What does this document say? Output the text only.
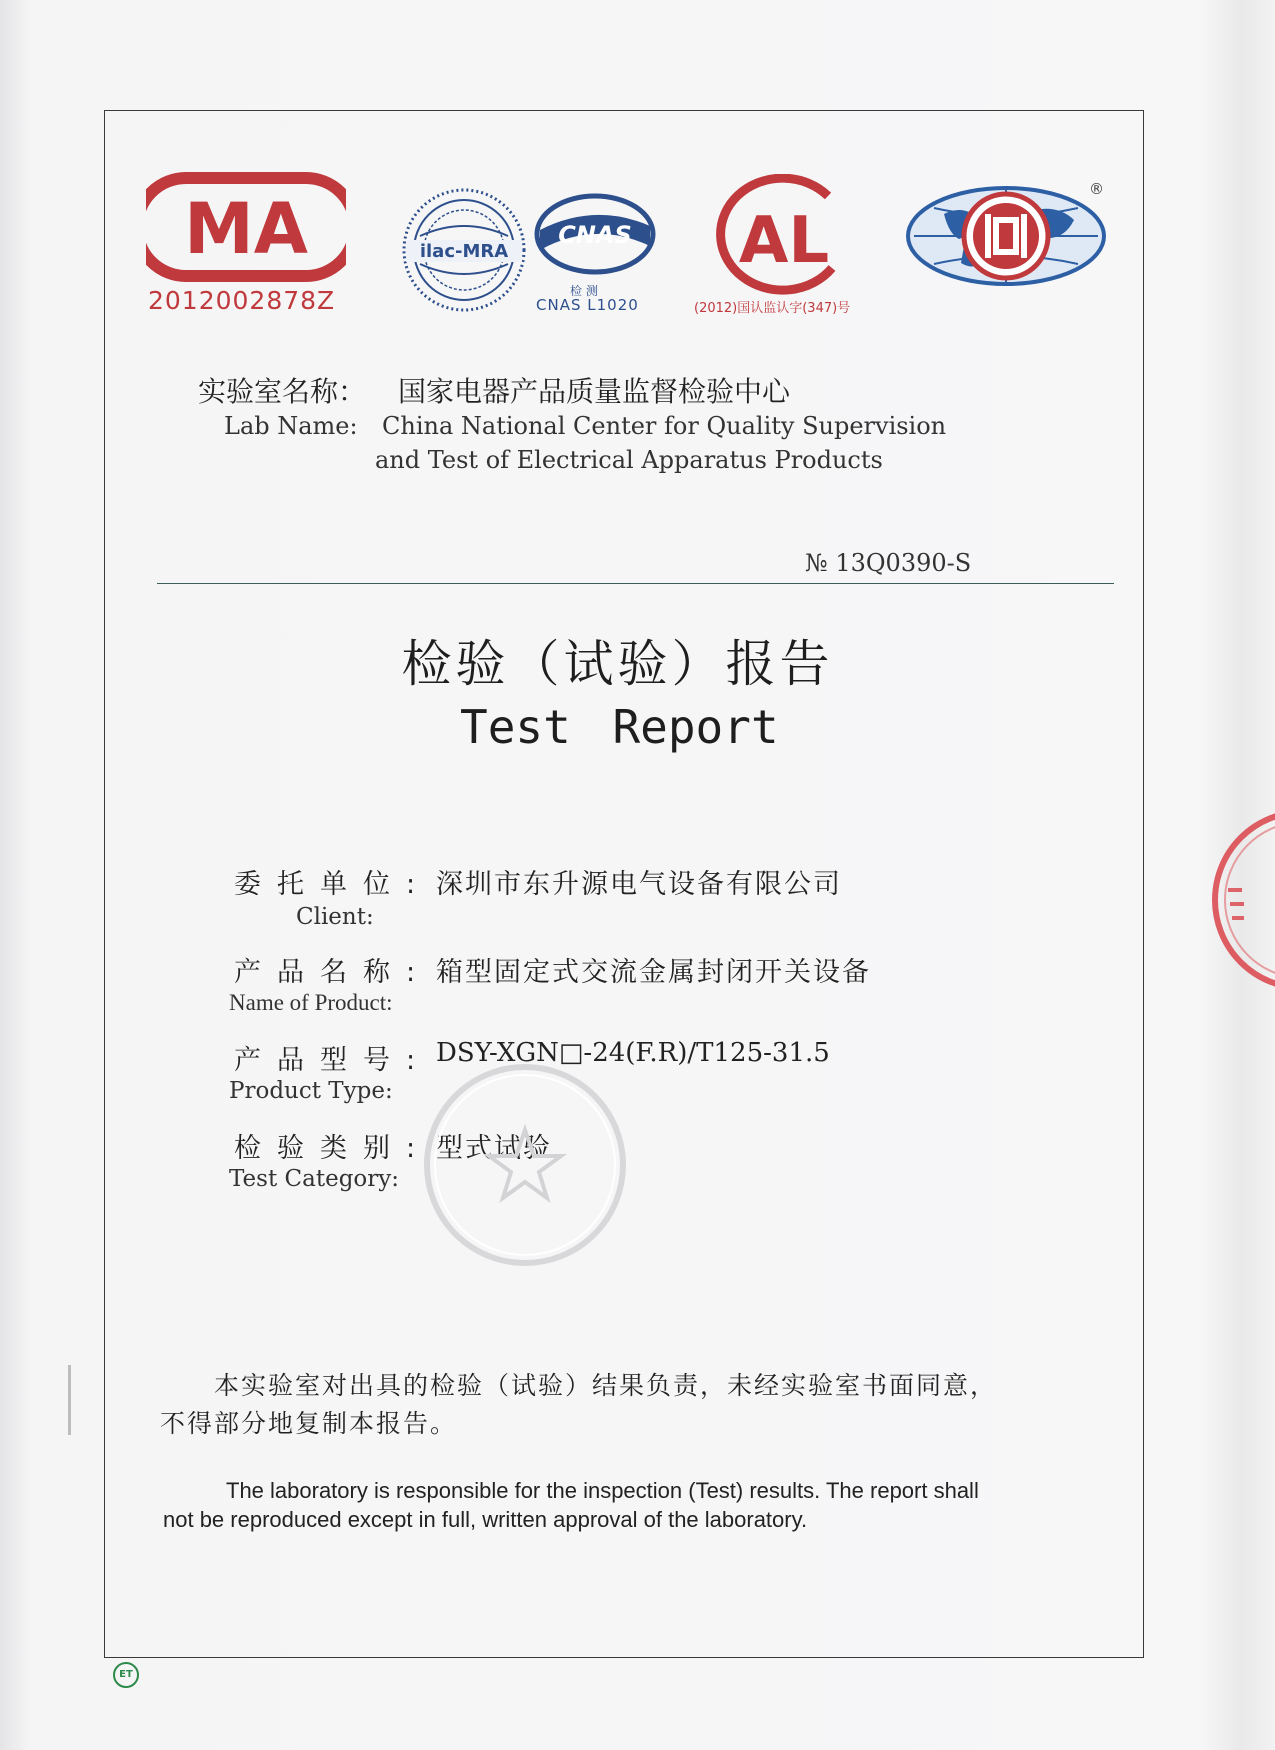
MA
2012002878Z
ilac-MRA
CNAS
检 测
CNAS L1020
AL
(2012)国认监认字(347)号
®
实验室名称： 国家电器产品质量监督检验中心
Lab Name: China National Center for Quality Supervision
and Test of Electrical Apparatus Products
№ 13Q0390-S
检验（试验）报告
Test Report
委托单位: 深圳市东升源电气设备有限公司
Client:
产品名称: 箱型固定式交流金属封闭开关设备
Name of Product:
产品型号: DSY-XGN□-24(F.R)/T125-31.5
Product Type:
检验类别: 型式试验
Test Category:
本实验室对出具的检验（试验）结果负责，未经实验室书面同意，
不得部分地复制本报告。
The laboratory is responsible for the inspection (Test) results. The report shall
not be reproduced except in full, written approval of the laboratory.
ET
